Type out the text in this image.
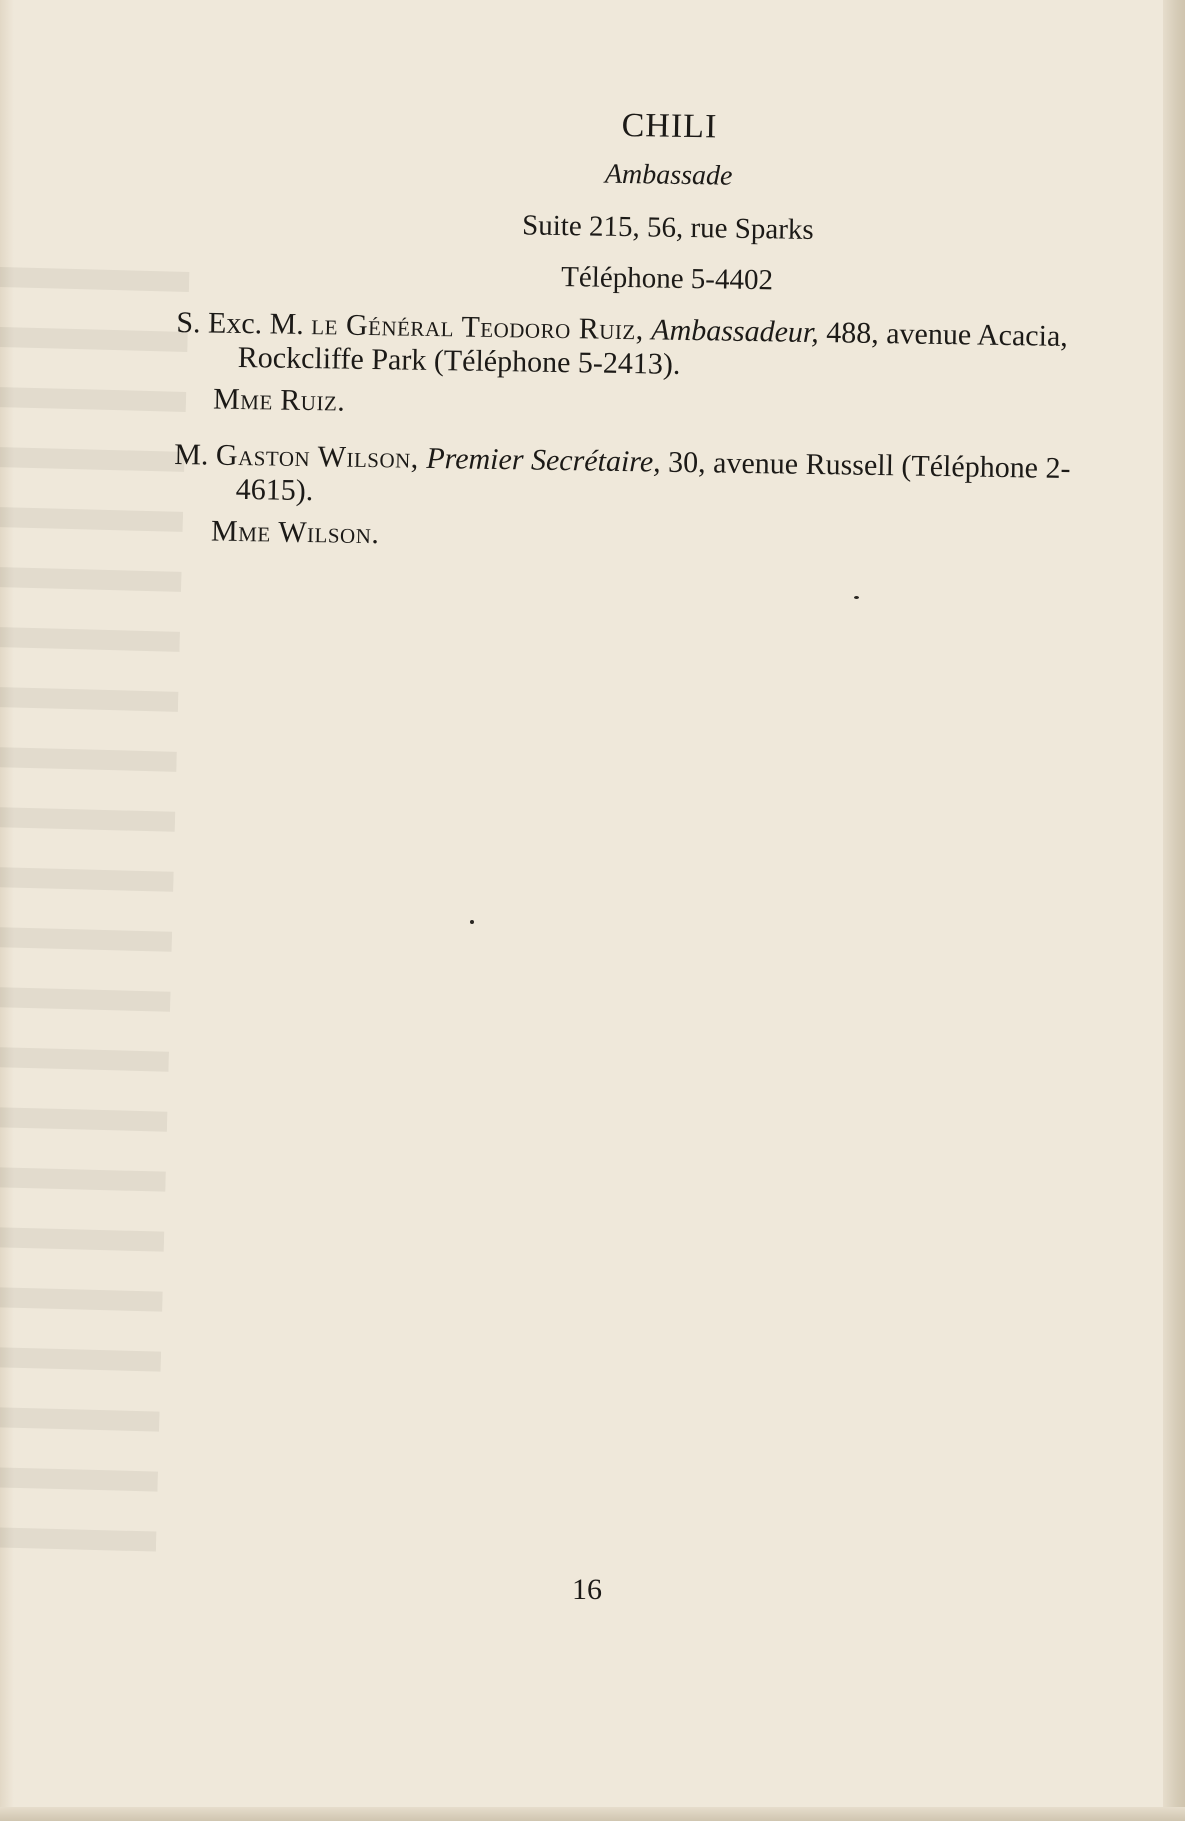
CHILI
Ambassade
Suite 215, 56, rue Sparks
Téléphone 5-4402
S. Exc. M. le Général Teodoro Ruiz, Ambassadeur, 488, avenue Acacia, Rockcliffe Park (Téléphone 5-2413).
Mme Ruiz.
M. Gaston Wilson, Premier Secrétaire, 30, avenue Russell (Téléphone 2-4615).
Mme Wilson.
16
